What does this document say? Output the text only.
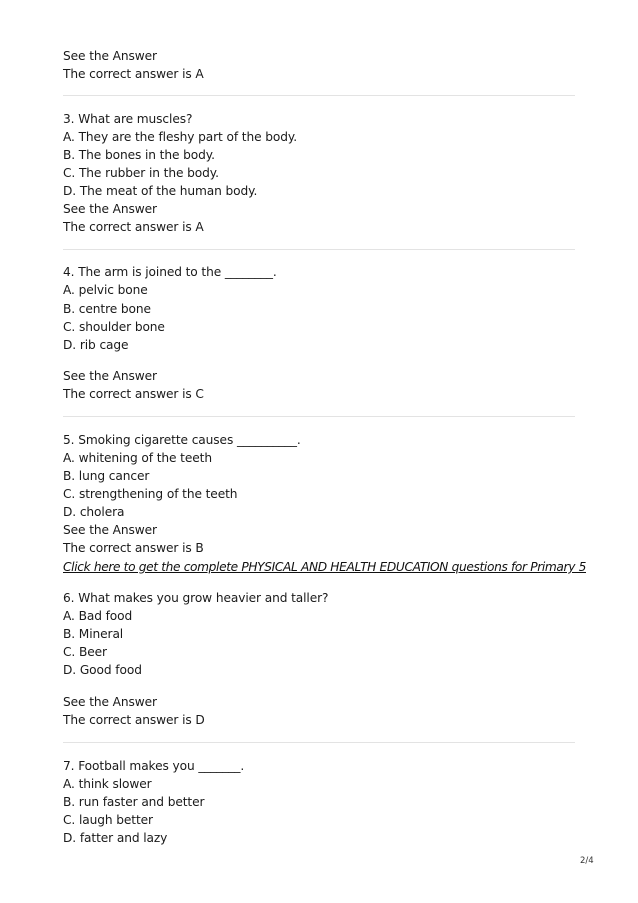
See the Answer
The correct answer is A
3. What are muscles?
A. They are the fleshy part of the body.
B. The bones in the body.
C. The rubber in the body.
D. The meat of the human body.
See the Answer
The correct answer is A
4. The arm is joined to the ________.
A. pelvic bone
B. centre bone
C. shoulder bone
D. rib cage
See the Answer
The correct answer is C
5. Smoking cigarette causes __________.
A. whitening of the teeth
B. lung cancer
C. strengthening of the teeth
D. cholera
See the Answer
The correct answer is B
Click here to get the complete PHYSICAL AND HEALTH EDUCATION questions for Primary 5
6. What makes you grow heavier and taller?
A. Bad food
B. Mineral
C. Beer
D. Good food
See the Answer
The correct answer is D
7. Football makes you _______.
A. think slower
B. run faster and better
C. laugh better
D. fatter and lazy
2/4
